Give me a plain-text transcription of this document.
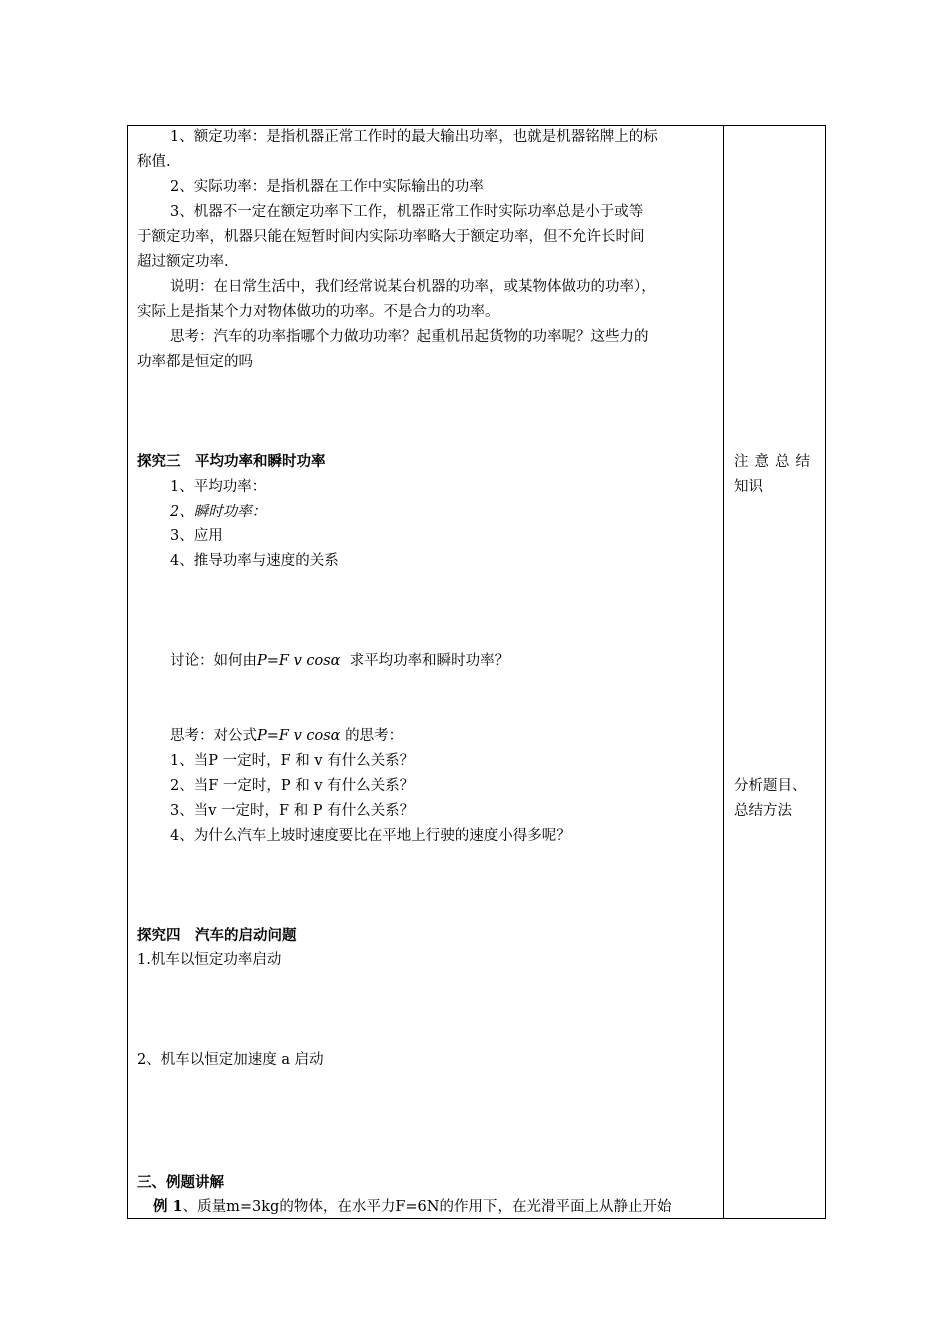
1、额定功率：是指机器正常工作时的最大输出功率，也就是机器铭牌上的标
称值.
2、实际功率：是指机器在工作中实际输出的功率
3、机器不一定在额定功率下工作，机器正常工作时实际功率总是小于或等
于额定功率，机器只能在短暂时间内实际功率略大于额定功率，但不允许长时间
超过额定功率.
说明：在日常生活中，我们经常说某台机器的功率，或某物体做功的功率），
实际上是指某个力对物体做功的功率。不是合力的功率。
思考：汽车的功率指哪个力做功功率？起重机吊起货物的功率呢？这些力的
功率都是恒定的吗
探究三　平均功率和瞬时功率
1、平均功率：
2、瞬时功率：
3、应用
4、推导功率与速度的关系
讨论：如何由P=F v cosα 求平均功率和瞬时功率？
思考：对公式P=F v cosα 的思考：
1、当P 一定时，F 和 v 有什么关系？
2、当F 一定时，P 和 v 有什么关系？
3、当v 一定时，F 和 P 有什么关系？
4、为什么汽车上坡时速度要比在平地上行驶的速度小得多呢？
探究四　汽车的启动问题
1.机车以恒定功率启动
2、机车以恒定加速度 a 启动
三、例题讲解
例 1、质量m=3kg的物体，在水平力F=6N的作用下，在光滑平面上从静止开始
注意总结
知识
分析题目、
总结方法
